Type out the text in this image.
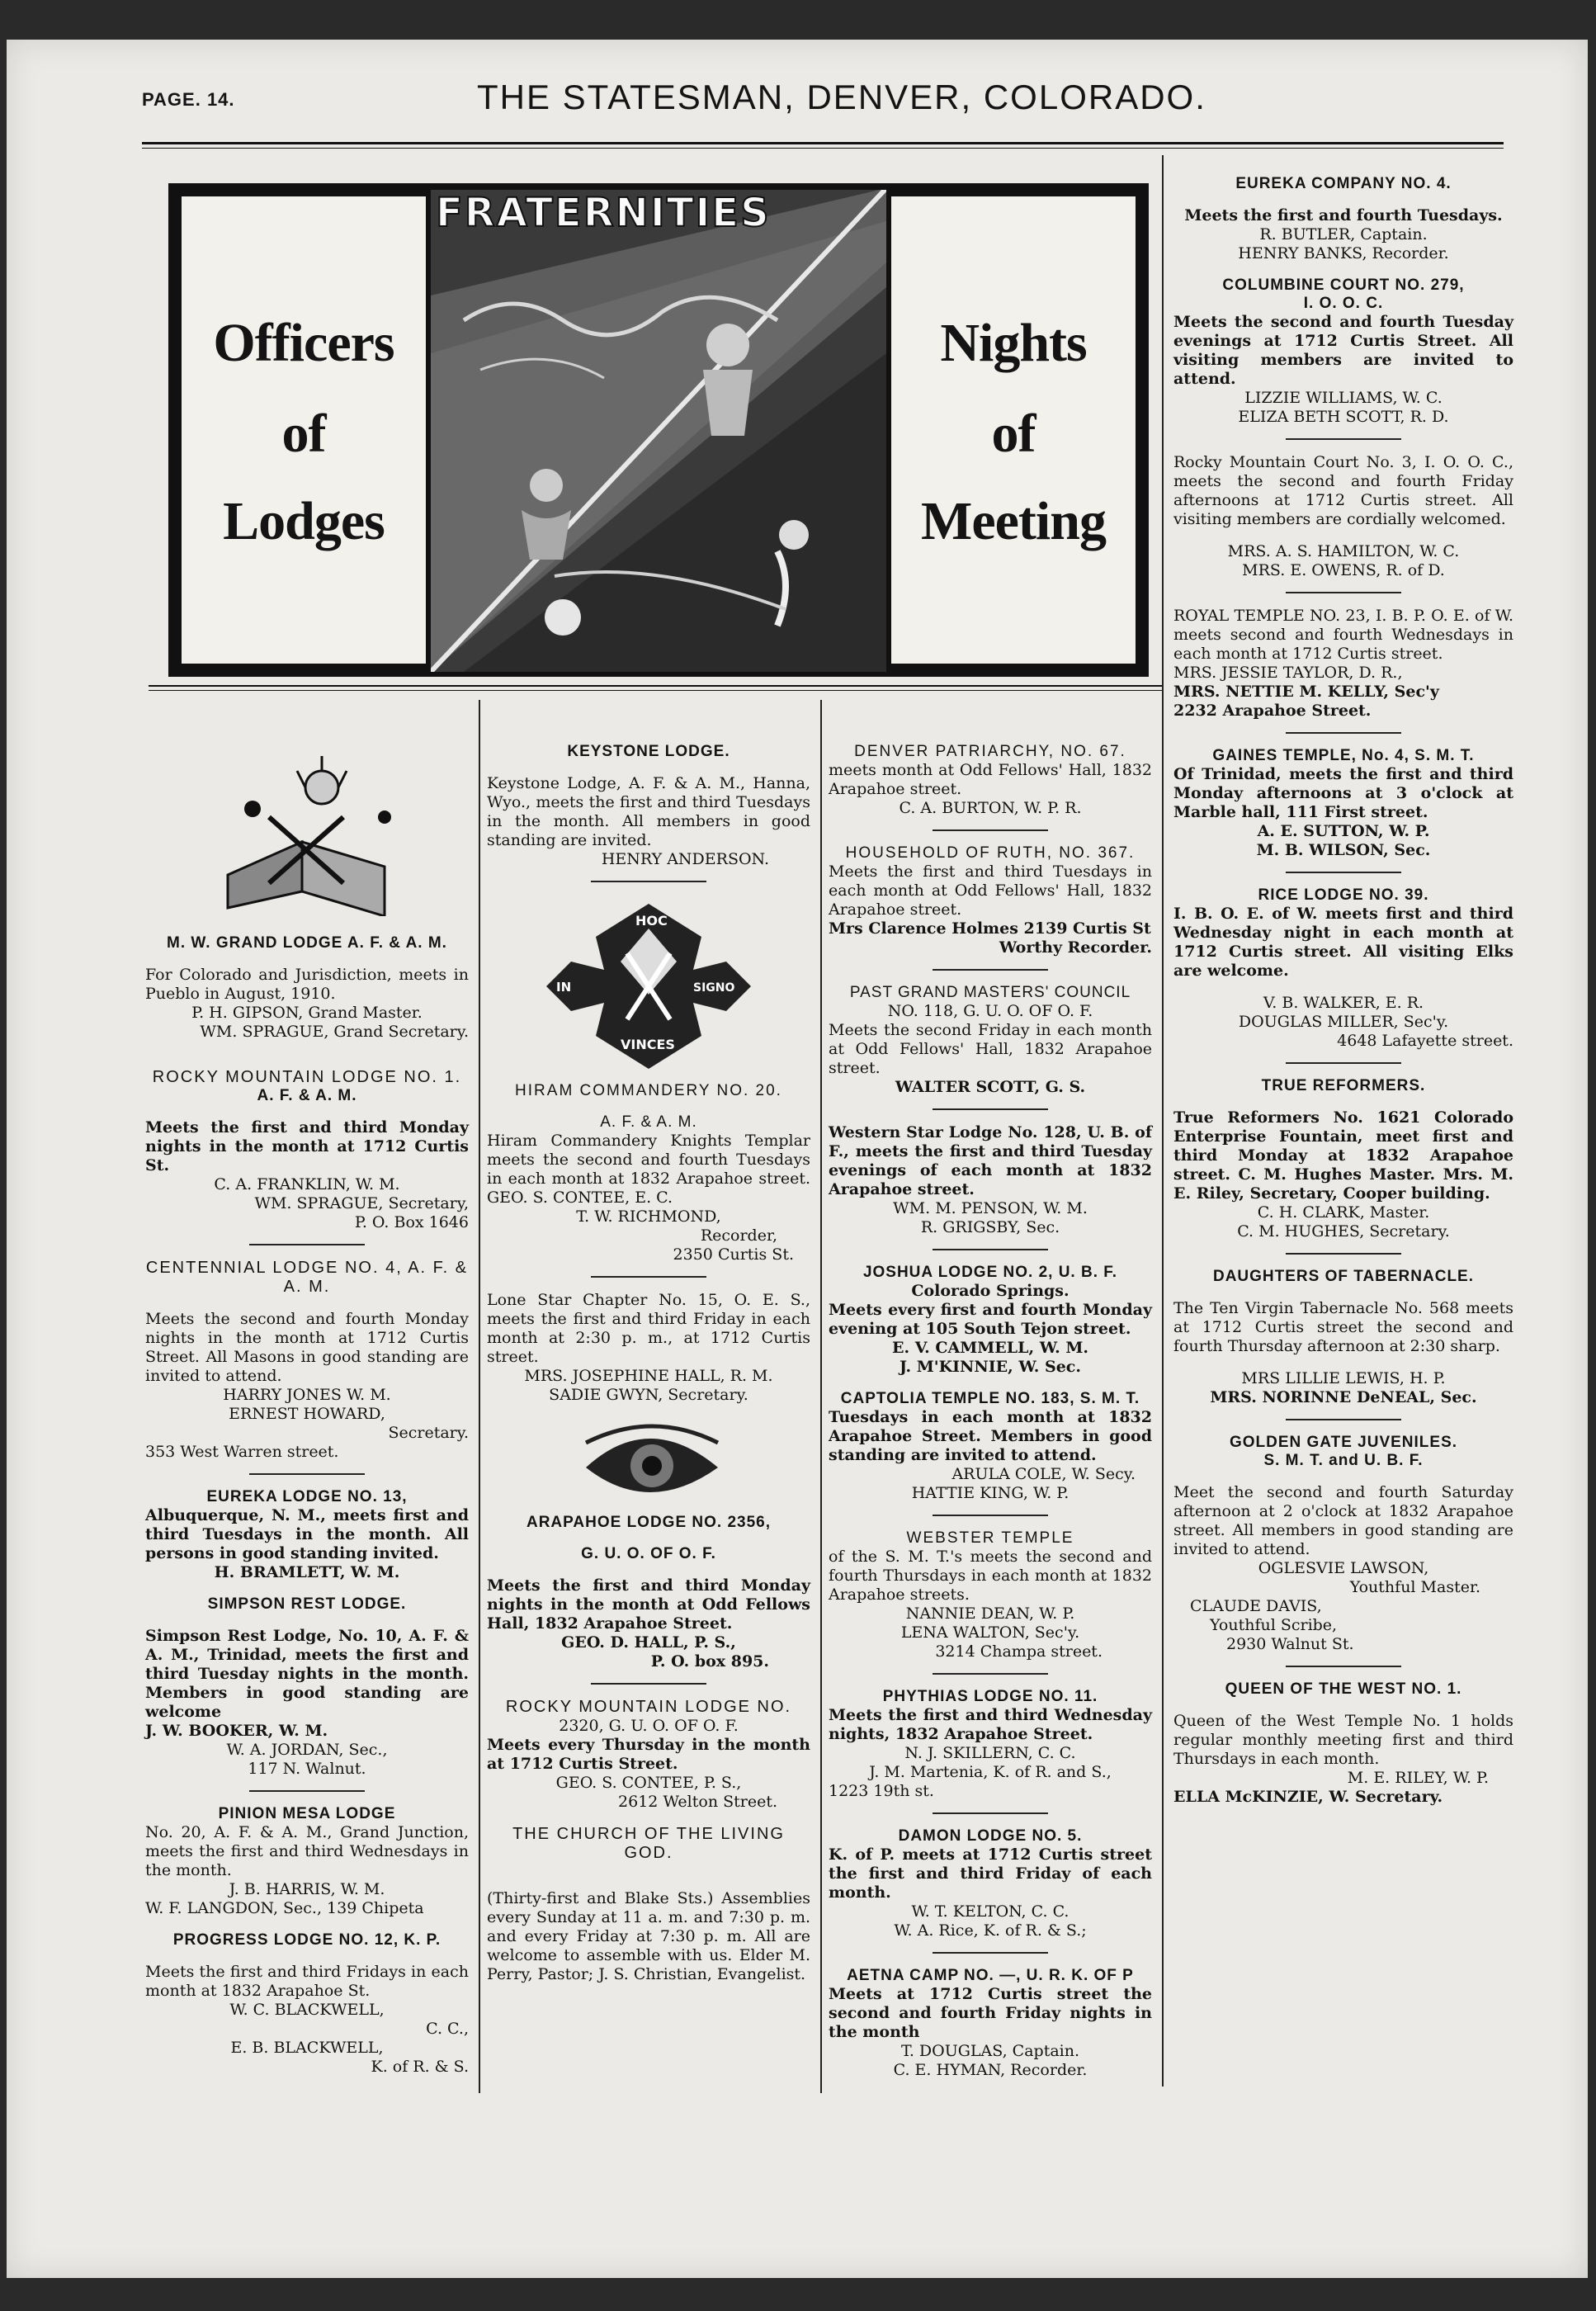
PAGE. 14.	THE STATESMAN, DENVER, COLORADO.
Officers
of
Lodges
FRATERNITIES
Nights
of
Meeting

M. W. GRAND LODGE A. F. & A. M.

For Colorado and Jurisdiction, meets in Pueblo in August, 1910.

P. H. GIPSON, Grand Master.

WM. SPRAGUE, Grand Secretary.

ROCKY MOUNTAIN LODGE NO. 1.

A. F. & A. M.

Meets the first and third Monday nights in the month at 1712 Curtis St.

C. A. FRANKLIN, W. M.

WM. SPRAGUE, Secretary,

P. O. Box 1646

CENTENNIAL LODGE NO. 4, A. F. & A. M.

Meets the second and fourth Monday nights in the month at 1712 Curtis Street. All Masons in good standing are invited to attend.

HARRY JONES W. M.

ERNEST HOWARD,

Secretary.

353 West Warren street.

EUREKA LODGE NO. 13,

Albuquerque, N. M., meets first and third Tuesdays in the month. All persons in good standing invited.

H. BRAMLETT, W. M.

SIMPSON REST LODGE.

Simpson Rest Lodge, No. 10, A. F. & A. M., Trinidad, meets the first and third Tuesday nights in the month. Members in good standing are welcome

J. W. BOOKER, W. M.

W. A. JORDAN, Sec.,

117 N. Walnut.

PINION MESA LODGE

No. 20, A. F. & A. M., Grand Junction, meets the first and third Wednesdays in the month.

J. B. HARRIS, W. M.

W. F. LANGDON, Sec., 139 Chipeta

PROGRESS LODGE NO. 12, K. P.

Meets the first and third Fridays in each month at 1832 Arapahoe St.

W. C. BLACKWELL,

C. C.,

E. B. BLACKWELL,

K. of R. & S.

KEYSTONE LODGE.

Keystone Lodge, A. F. & A. M., Hanna, Wyo., meets the first and third Tuesdays in the month. All members in good standing are invited.

HENRY ANDERSON.

HOC
VINCES
IN	SIGNO

HIRAM COMMANDERY NO. 20.

A. F. & A. M.

Hiram Commandery Knights Templar meets the second and fourth Tuesdays in each month at 1832 Arapahoe street. GEO. S. CONTEE, E. C.

T. W. RICHMOND,

Recorder,

2350 Curtis St.

Lone Star Chapter No. 15, O. E. S., meets the first and third Friday in each month at 2:30 p. m., at 1712 Curtis street.

MRS. JOSEPHINE HALL, R. M.

SADIE GWYN, Secretary.

ARAPAHOE LODGE NO. 2356,

G. U. O. OF O. F.

Meets the first and third Monday nights in the month at Odd Fellows Hall, 1832 Arapahoe Street.

GEO. D. HALL, P. S.,

P. O. box 895.

ROCKY MOUNTAIN LODGE NO.

2320, G. U. O. OF O. F.

Meets every Thursday in the month at 1712 Curtis Street.

GEO. S. CONTEE, P. S.,

2612 Welton Street.

THE CHURCH OF THE LIVING GOD.

(Thirty-first and Blake Sts.) Assemblies every Sunday at 11 a. m. and 7:30 p. m. and every Friday at 7:30 p. m. All are welcome to assemble with us. Elder M. Perry, Pastor; J. S. Christian, Evangelist.

DENVER PATRIARCHY, NO. 67.

meets month at Odd Fellows' Hall, 1832 Arapahoe street.

C. A. BURTON, W. P. R.

HOUSEHOLD OF RUTH, NO. 367.

Meets the first and third Tuesdays in each month at Odd Fellows' Hall, 1832 Arapahoe street.

Mrs Clarence Holmes 2139 Curtis St

Worthy Recorder.

PAST GRAND MASTERS' COUNCIL

NO. 118, G. U. O. OF O. F.

Meets the second Friday in each month at Odd Fellows' Hall, 1832 Arapahoe street.

WALTER SCOTT, G. S.

Western Star Lodge No. 128, U. B. of F., meets the first and third Tuesday evenings of each month at 1832 Arapahoe street.

WM. M. PENSON, W. M.

R. GRIGSBY, Sec.

JOSHUA LODGE NO. 2, U. B. F.

Colorado Springs.

Meets every first and fourth Monday evening at 105 South Tejon street.

E. V. CAMMELL, W. M.

J. M'KINNIE, W. Sec.

CAPTOLIA TEMPLE NO. 183, S. M. T.

Tuesdays in each month at 1832 Arapahoe Street. Members in good standing are invited to attend.

ARULA COLE, W. Secy.

HATTIE KING, W. P.

WEBSTER TEMPLE

of the S. M. T.'s meets the second and fourth Thursdays in each month at 1832 Arapahoe streets.

NANNIE DEAN, W. P.

LENA WALTON, Sec'y.

3214 Champa street.

PHYTHIAS LODGE NO. 11.

Meets the first and third Wednesday nights, 1832 Arapahoe Street.

N. J. SKILLERN, C. C.

J. M. Martenia, K. of R. and S.,

1223 19th st.

DAMON LODGE NO. 5.

K. of P. meets at 1712 Curtis street the first and third Friday of each month.

W. T. KELTON, C. C.

W. A. Rice, K. of R. & S.;

AETNA CAMP NO. —, U. R. K. OF P

Meets at 1712 Curtis street the second and fourth Friday nights in the month

T. DOUGLAS, Captain.

C. E. HYMAN, Recorder.

EUREKA COMPANY NO. 4.

Meets the first and fourth Tuesdays.

R. BUTLER, Captain.

HENRY BANKS, Recorder.

COLUMBINE COURT NO. 279,

I. O. O. C.

Meets the second and fourth Tuesday evenings at 1712 Curtis Street. All visiting members are invited to attend.

LIZZIE WILLIAMS, W. C.

ELIZA BETH SCOTT, R. D.

Rocky Mountain Court No. 3, I. O. O. C., meets the second and fourth Friday afternoons at 1712 Curtis street. All visiting members are cordially welcomed.

MRS. A. S. HAMILTON, W. C.

MRS. E. OWENS, R. of D.

ROYAL TEMPLE NO. 23, I. B. P. O. E. of W. meets second and fourth Wednesdays in each month at 1712 Curtis street.

MRS. JESSIE TAYLOR, D. R.,

MRS. NETTIE M. KELLY, Sec'y

2232 Arapahoe Street.

GAINES TEMPLE, No. 4, S. M. T.

Of Trinidad, meets the first and third Monday afternoons at 3 o'clock at Marble hall, 111 First street.

A. E. SUTTON, W. P.

M. B. WILSON, Sec.

RICE LODGE NO. 39.

I. B. O. E. of W. meets first and third Wednesday night in each month at 1712 Curtis street. All visiting Elks are welcome.

V. B. WALKER, E. R.

DOUGLAS MILLER, Sec'y.

4648 Lafayette street.

TRUE REFORMERS.

True Reformers No. 1621 Colorado Enterprise Fountain, meet first and third Monday at 1832 Arapahoe street. C. M. Hughes Master. Mrs. M. E. Riley, Secretary, Cooper building.

C. H. CLARK, Master.

C. M. HUGHES, Secretary.

DAUGHTERS OF TABERNACLE.

The Ten Virgin Tabernacle No. 568 meets at 1712 Curtis street the second and fourth Thursday afternoon at 2:30 sharp.

MRS LILLIE LEWIS, H. P.

MRS. NORINNE DeNEAL, Sec.

GOLDEN GATE JUVENILES.

S. M. T. and U. B. F.

Meet the second and fourth Saturday afternoon at 2 o'clock at 1832 Arapahoe street. All members in good standing are invited to attend.

OGLESVIE LAWSON,

Youthful Master.

CLAUDE DAVIS,

Youthful Scribe,

2930 Walnut St.

QUEEN OF THE WEST NO. 1.

Queen of the West Temple No. 1 holds regular monthly meeting first and third Thursdays in each month.

M. E. RILEY, W. P.

ELLA McKINZIE, W. Secretary.
